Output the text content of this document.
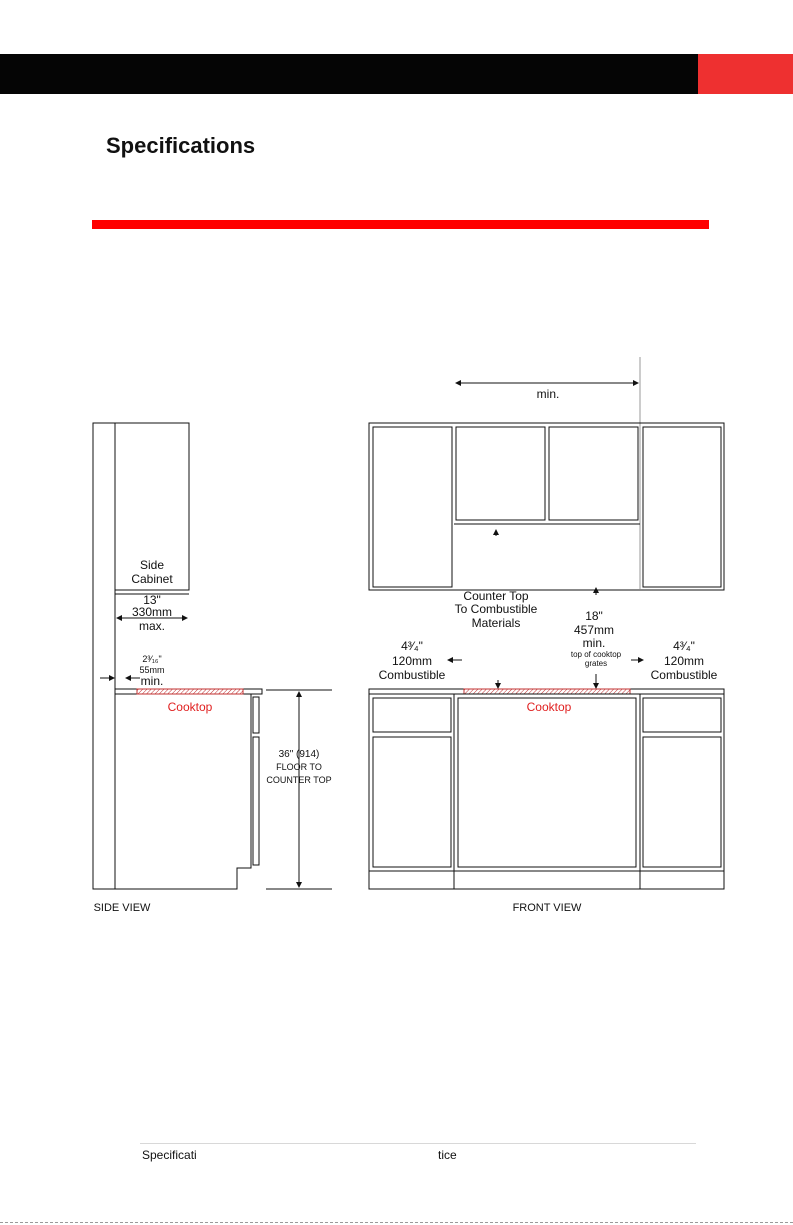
Specifications
Side
Cabinet
13"
330mm
max.
2³⁄₁₆"
55mm
min.
Cooktop
36" (914)
FLOOR TO
COUNTER TOP
SIDE VIEW
min.
Counter Top
To Combustible
Materials	18"
457mm
min.
top of cooktop
grates
4³⁄₄"
120mm
Combustible
4³⁄₄"
120mm
Combustible
Cooktop
FRONT VIEW
Specificati	tice
